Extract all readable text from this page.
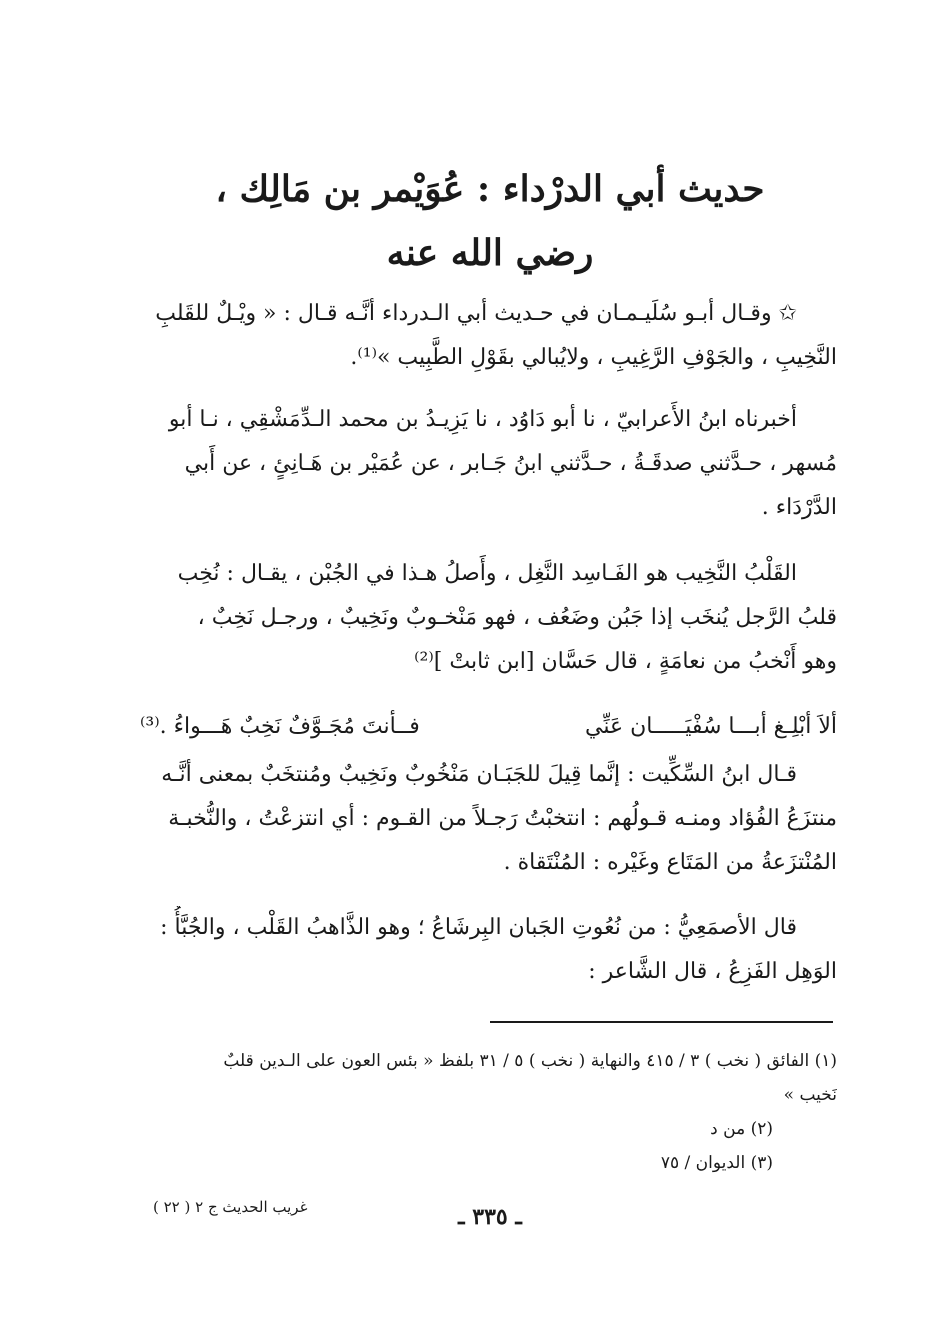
حديث أبي الدرْداء : عُوَيْمر بن مَالِك ،
رضي الله عنه
✩ وقـال أبـو سُلَيـمـان في حـديث أبي الـدرداء أنَّـه قـال : « ويْـلٌ للقَلبِ
النَّخِيبِ ، والجَوْفِ الرَّغِيبِ ، ولايُبالي بقَوْلِ الطَّبِيب »⁽¹⁾.
أخبرناه ابنُ الأَعرابيّ ، نا أبو دَاوُد ، نا يَزِيـدُ بن محمد الـدِّمَشْقِي ، نـا أبو
مُسهر ، حـدَّثني صدقَـةُ ، حـدَّثني ابنُ جَـابر ، عن عُمَيْر بن هَـانِئٍ ، عن أَبي
الدَّرْدَاء .
القَلْبُ النَّخِيب هو الفَـاسِد النَّغِل ، وأَصلُ هـذا في الجُبْن ، يقـال : نُخِب
قلبُ الرَّجل يُنخَب إذا جَبُن وضَعُف ، فهو مَنْخـوبٌ ونَخِيبٌ ، ورجـل نَخِبٌ ،
وهو أَنْخبُ من نعامَةٍ ، قال حَسَّان [ابن ثابتْ ]⁽²⁾
ألاَ أبْلِـغ أبـــا سُفْيَـــــان عَنِّي
فــأنتَ مُجَـوَّفٌ نَخِبٌ هَـــواءُ .⁽³⁾
قـال ابنُ السِّكِّيت : إنَّما قِيلَ للجَبَـان مَنْخُوبٌ ونَخِيبٌ ومُنتخَبٌ بمعنى أنَّـه
منتزَعُ الفُؤاد ومنـه قـولُهم : انتخبْتُ رَجـلاً من القـوم : أي انتزعْتُ ، والنُّخبـة
المُنْتزَعةُ من المَتَاع وغَيْره : المُنْتَقاة .
قال الأصمَعِيُّ : من نُعُوتِ الجَبان البِرشَاعُ ؛ وهو الذَّاهبُ القَلْب ، والجُبَّأُ :
الوَهِل الفَزِعُ ، قال الشَّاعر :
(١) الفائق ( نخب ) ٣ / ٤١٥ والنهاية ( نخب ) ٥ / ٣١ بلفظ « بئس العون على الـدين قلبٌ
نَخيب »
(٢) من د
(٣) الديوان / ٧٥
غريب الحديث ج ٢ ( ٢٢ )	ـ ٣٣٥ ـ
